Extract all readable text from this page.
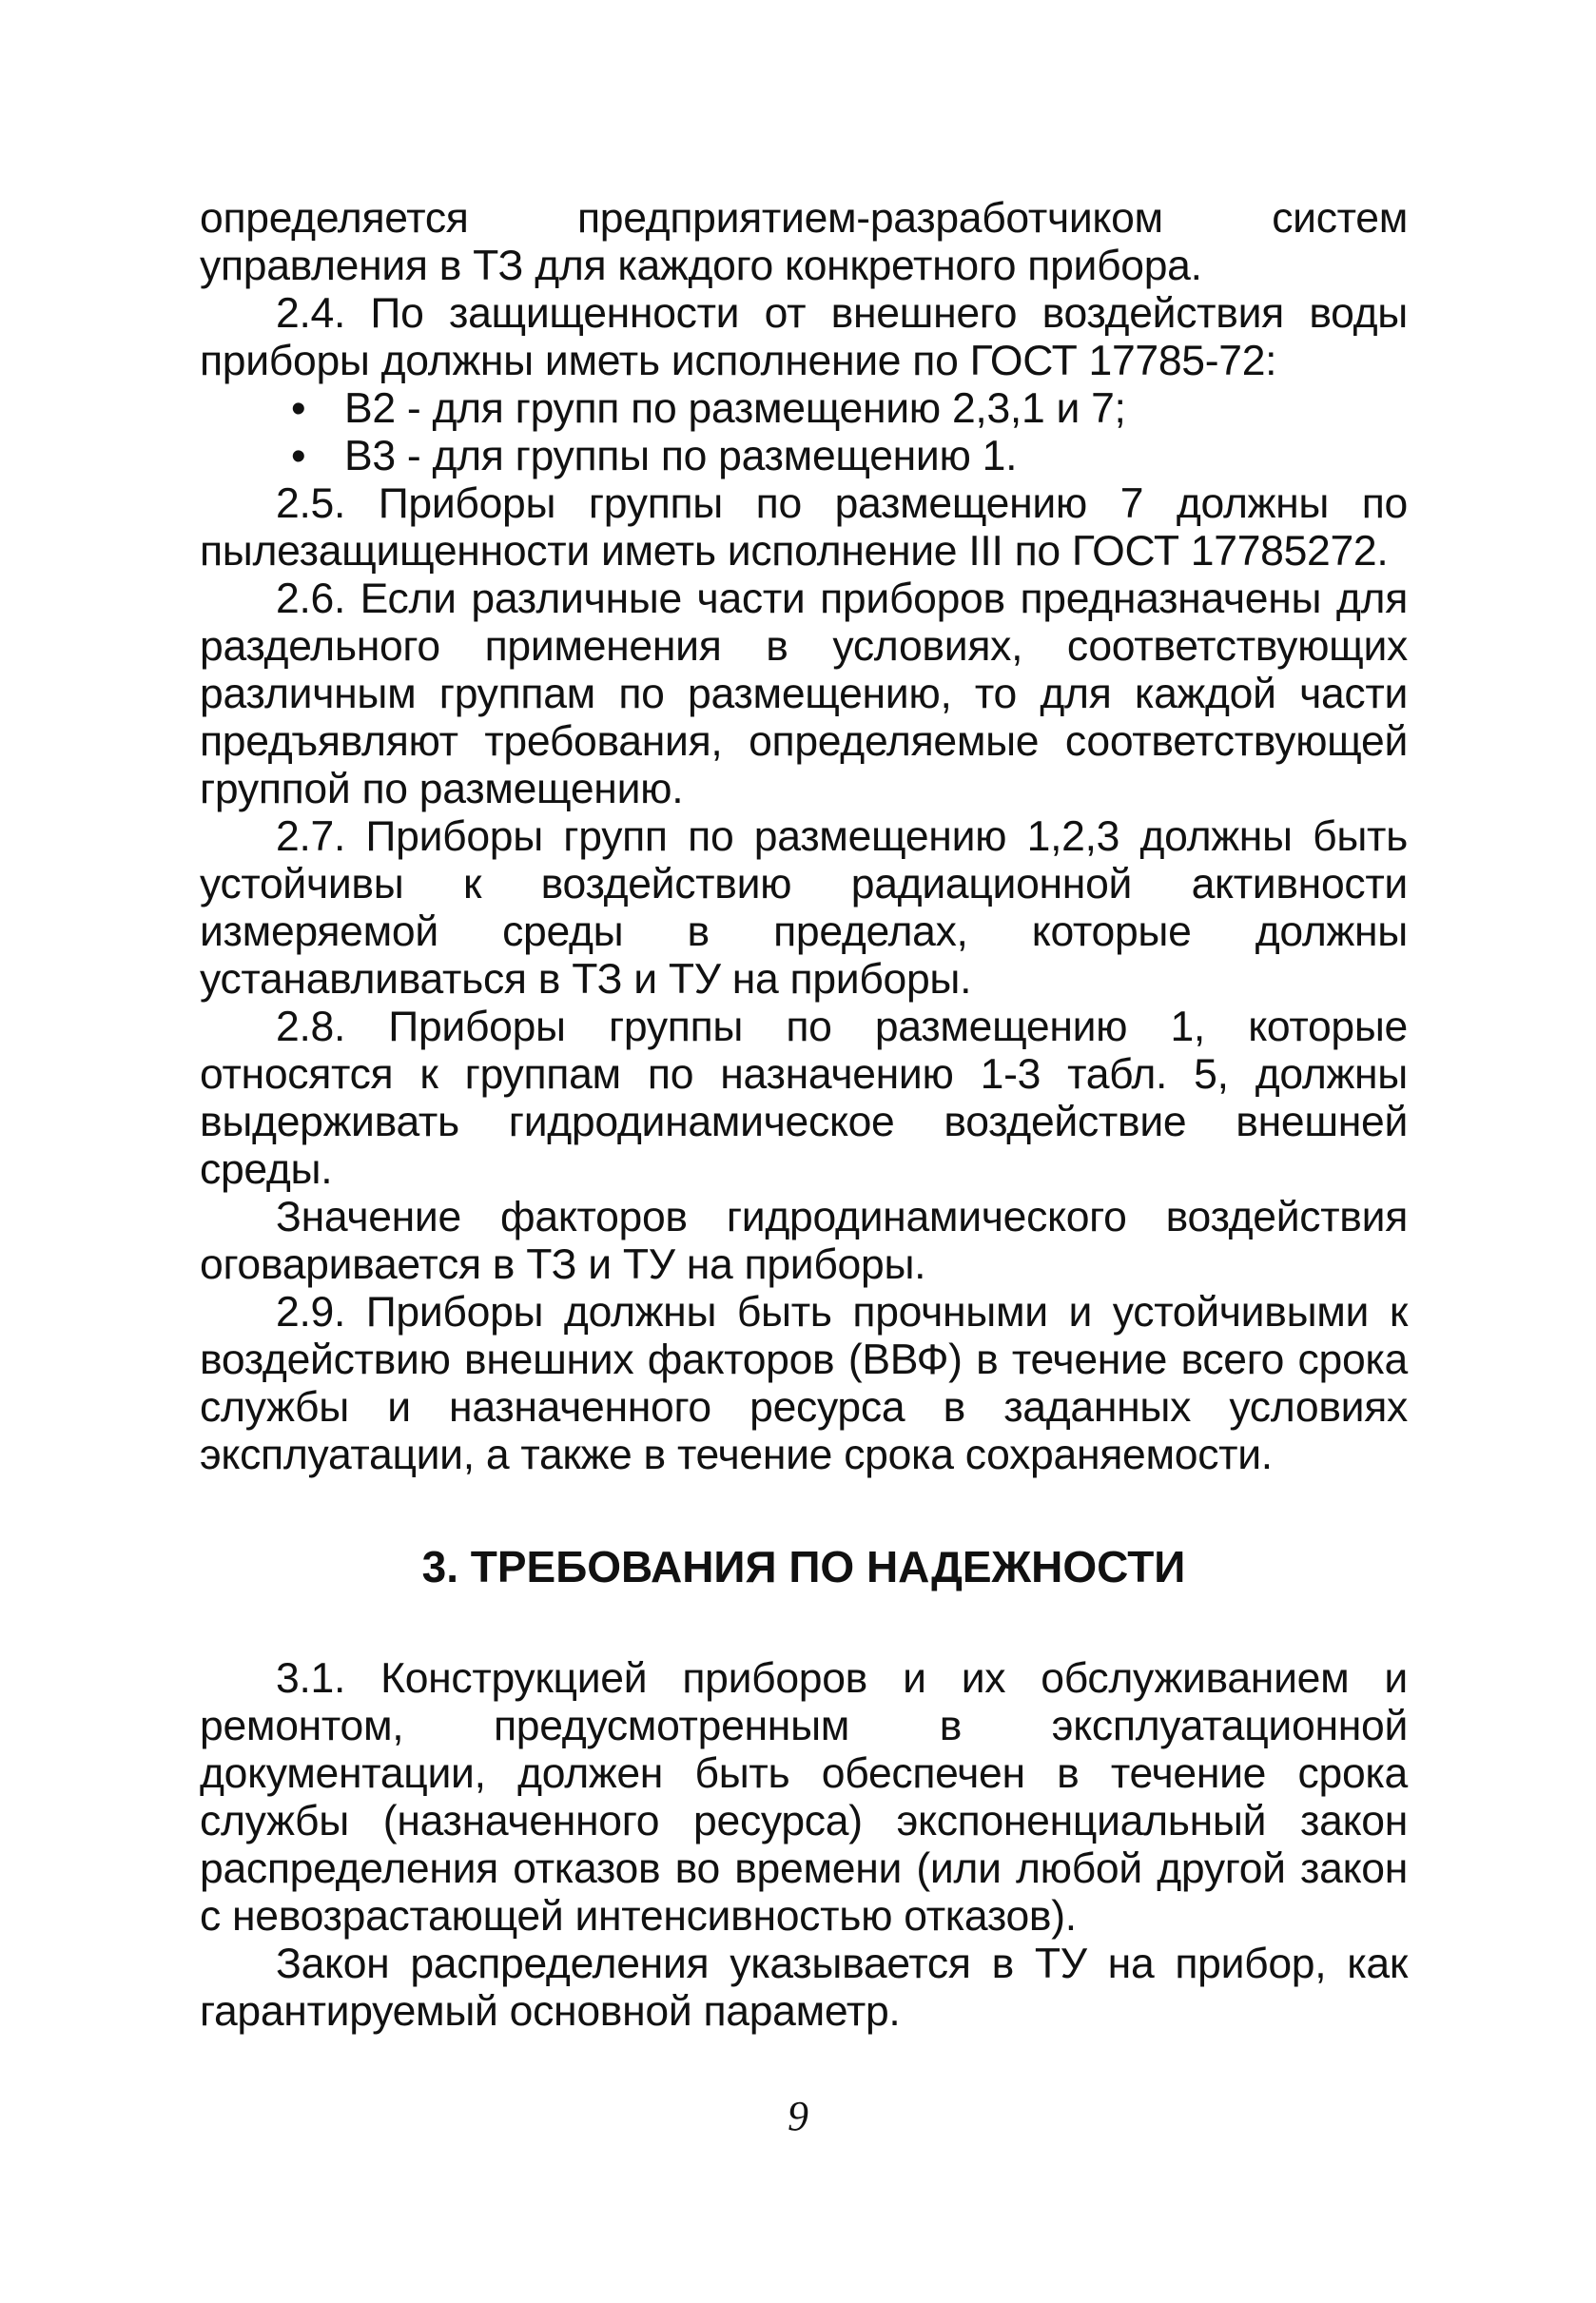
определяется предприятием-разработчиком систем управления в ТЗ для каждого конкретного прибора.

2.4. По защищенности от внешнего воздействия воды приборы должны иметь исполнение по ГОСТ 17785-72:

• В2 - для групп по размещению 2,3,1 и 7;
• В3 - для группы по размещению 1.

2.5. Приборы группы по размещению 7 должны по пылезащищенности иметь исполнение III по ГОСТ 17785272.

2.6. Если различные части приборов предназначены для раздельного применения в условиях, соответствующих различным группам по размещению, то для каждой части предъявляют требования, определяемые соответствующей группой по размещению.

2.7. Приборы групп по размещению 1,2,3 должны быть устойчивы к воздействию радиационной активности измеряемой среды в пределах, которые должны устанавливаться в ТЗ и ТУ на приборы.

2.8. Приборы группы по размещению 1, которые относятся к группам по назначению 1-3 табл. 5, должны выдерживать гидродинамическое воздействие внешней среды.

Значение факторов гидродинамического воздействия оговаривается в ТЗ и ТУ на приборы.

2.9. Приборы должны быть прочными и устойчивыми к воздействию внешних факторов (ВВФ) в течение всего срока службы и назначенного ресурса в заданных условиях эксплуатации, а также в течение срока сохраняемости.

3. ТРЕБОВАНИЯ ПО НАДЕЖНОСТИ

3.1. Конструкцией приборов и их обслуживанием и ремонтом, предусмотренным в эксплуатационной документации, должен быть обеспечен в течение срока службы (назначенного ресурса) экспоненциальный закон распределения отказов во времени (или любой другой закон с невозрастающей интенсивностью отказов).

Закон распределения указывается в ТУ на прибор, как гарантируемый основной параметр.

9
